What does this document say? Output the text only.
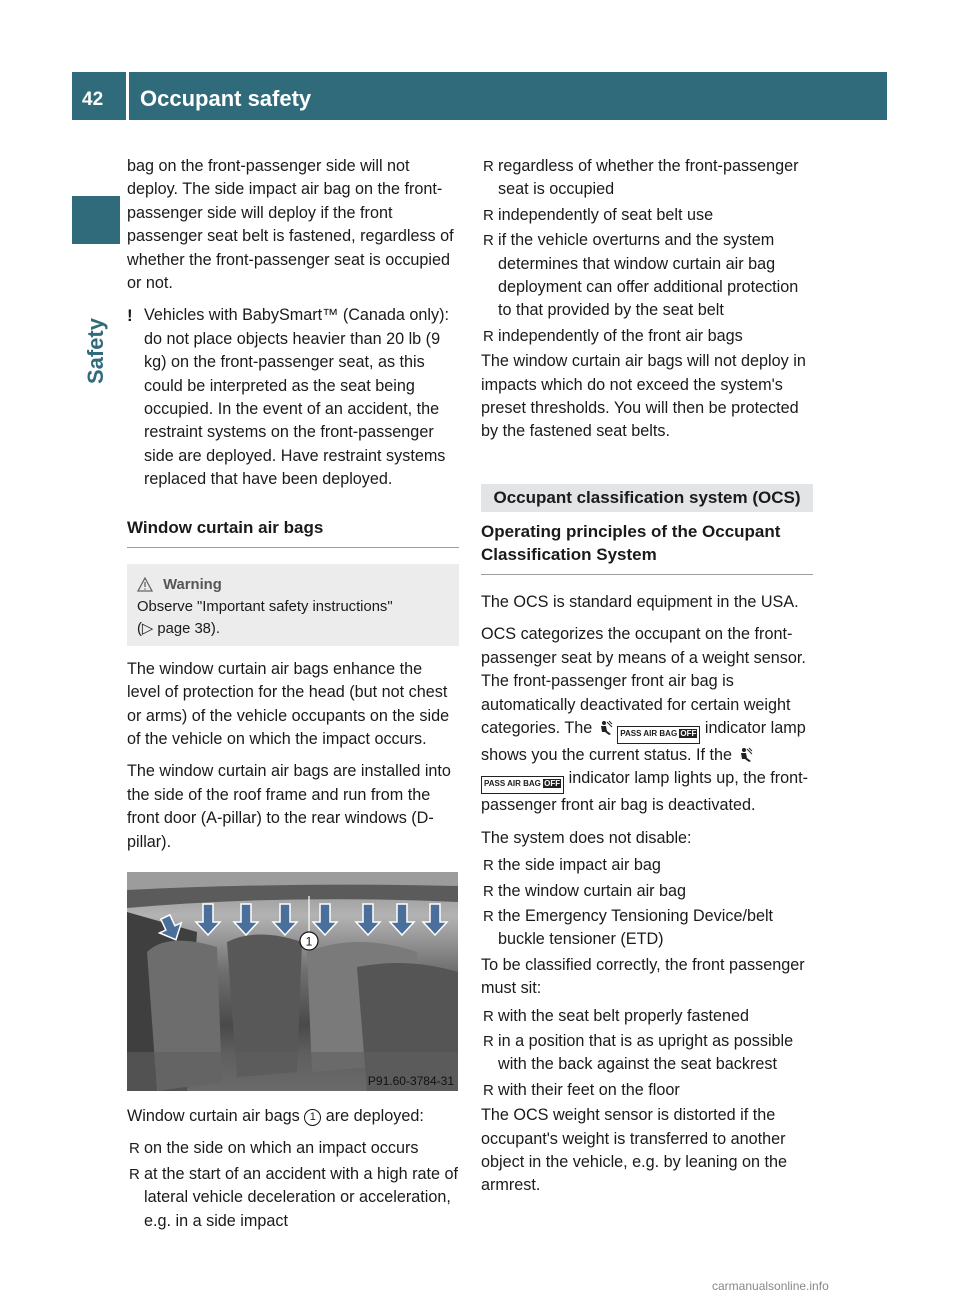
42	Occupant safety
Safety

bag on the front-passenger side will not deploy. The side impact air bag on the front-passenger side will deploy if the front passenger seat belt is fastened, regardless of whether the front-passenger seat is occupied or not.

! Vehicles with BabySmart™ (Canada only): do not place objects heavier than 20 lb (9 kg) on the front-passenger seat, as this could be interpreted as the seat being occupied. In the event of an accident, the restraint systems on the front-passenger side are deployed. Have restraint systems replaced that have been deployed.
Window curtain air bags
Warning
Observe "Important safety instructions"
(▷ page 38).

The window curtain air bags enhance the level of protection for the head (but not chest or arms) of the vehicle occupants on the side of the vehicle on which the impact occurs.

The window curtain air bags are installed into the side of the roof frame and run from the front door (A-pillar) to the rear windows (D-pillar).

1
P91.60-3784-31

Window curtain air bags 1 are deployed:

R on the side on which an impact occurs
R at the start of an accident with a high rate of lateral vehicle deceleration or acceleration, e.g. in a side impact
R regardless of whether the front-passenger seat is occupied
R independently of seat belt use
R if the vehicle overturns and the system determines that window curtain air bag deployment can offer additional protection to that provided by the seat belt
R independently of the front air bags

The window curtain air bags will not deploy in impacts which do not exceed the system's preset thresholds. You will then be protected by the fastened seat belts.

Occupant classification system (OCS)
Operating principles of the Occupant Classification System

The OCS is standard equipment in the USA.

OCS categorizes the occupant on the front-passenger seat by means of a weight sensor. The front-passenger front air bag is automatically deactivated for certain weight categories. The	PASS AIR BAG OFF indicator lamp shows you the current status. If the  PASS AIR BAG OFF indicator lamp lights up, the front-passenger front air bag is deactivated.

The system does not disable:

R the side impact air bag
R the window curtain air bag
R the Emergency Tensioning Device/belt buckle tensioner (ETD)

To be classified correctly, the front passenger must sit:

R with the seat belt properly fastened
R in a position that is as upright as possible with the back against the seat backrest
R with their feet on the floor

The OCS weight sensor is distorted if the occupant's weight is transferred to another object in the vehicle, e.g. by leaning on the armrest.

carmanualsonline.info
